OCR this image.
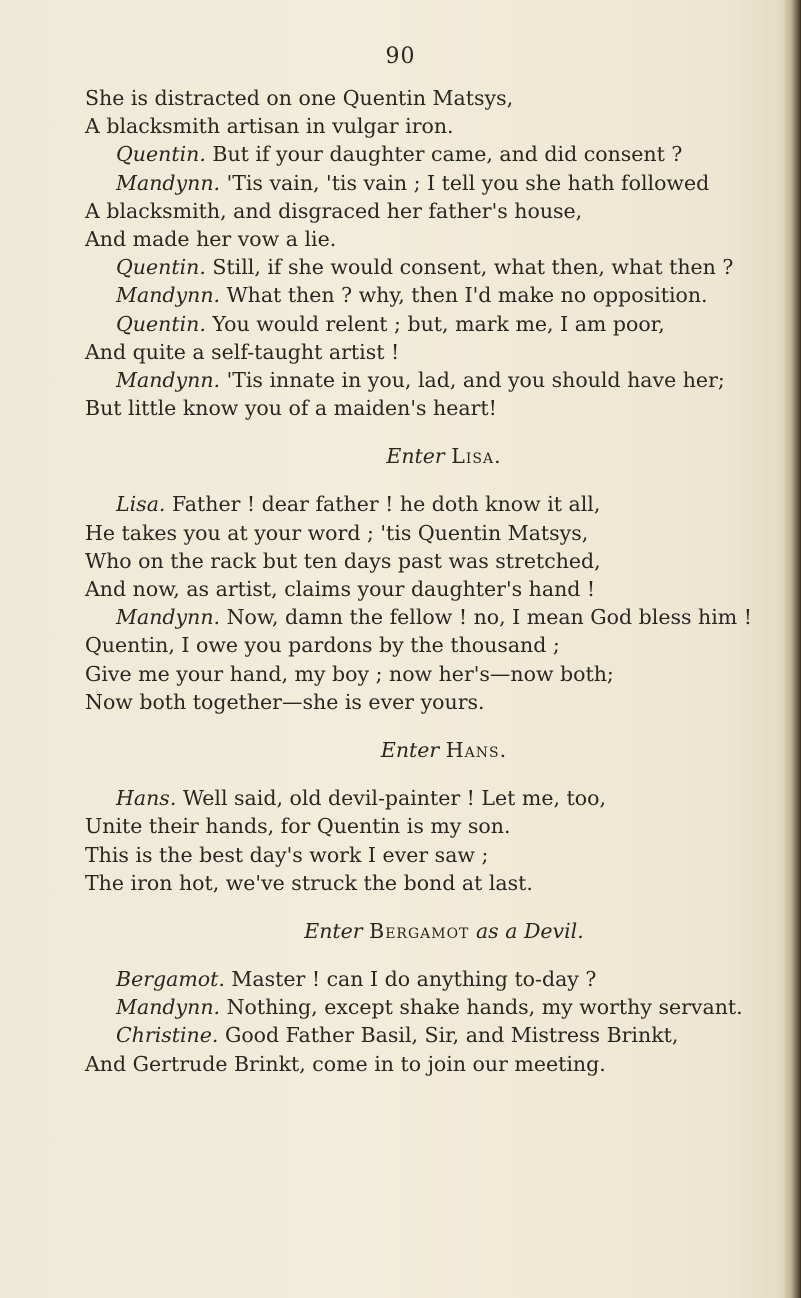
90
She is distracted on one Quentin Matsys,
A blacksmith artisan in vulgar iron.
Quentin. But if your daughter came, and did consent ?
Mandynn. 'Tis vain, 'tis vain ; I tell you she hath followed
A blacksmith, and disgraced her father's house,
And made her vow a lie.
Quentin. Still, if she would consent, what then, what then ?
Mandynn. What then ? why, then I'd make no opposition.
Quentin. You would relent ; but, mark me, I am poor,
And quite a self-taught artist !
Mandynn. 'Tis innate in you, lad, and you should have her;
But little know you of a maiden's heart!
Enter Lisa.
Lisa. Father ! dear father ! he doth know it all,
He takes you at your word ; 'tis Quentin Matsys,
Who on the rack but ten days past was stretched,
And now, as artist, claims your daughter's hand !
Mandynn. Now, damn the fellow ! no, I mean God bless him !
Quentin, I owe you pardons by the thousand ;
Give me your hand, my boy ; now her's—now both;
Now both together—she is ever yours.
Enter Hans.
Hans. Well said, old devil-painter ! Let me, too,
Unite their hands, for Quentin is my son.
This is the best day's work I ever saw ;
The iron hot, we've struck the bond at last.
Enter Bergamot as a Devil.
Bergamot. Master ! can I do anything to-day ?
Mandynn. Nothing, except shake hands, my worthy servant.
Christine. Good Father Basil, Sir, and Mistress Brinkt,
And Gertrude Brinkt, come in to join our meeting.
